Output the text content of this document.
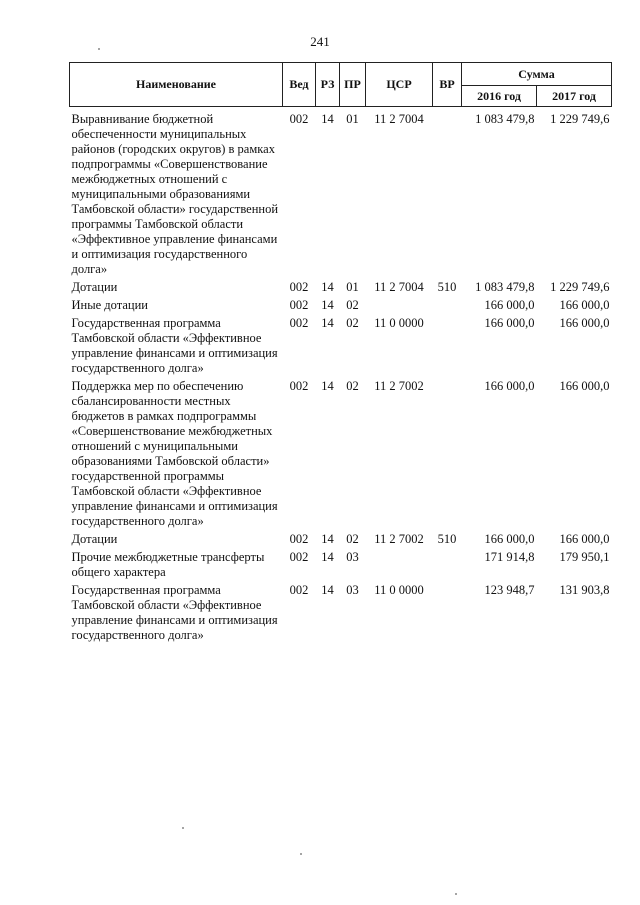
241
Наименование	Вед	РЗ	ПР	ЦСР	ВР	Сумма	
						2016 год	2017 год
Выравнивание бюджетной обеспеченности муниципальных районов (городских округов) в рамках подпрограммы «Совершенствование межбюджетных отношений с муниципальными образованиями Тамбовской области» государственной программы Тамбовской области «Эффективное управление финансами и оптимизация государственного долга»	002	14	01	11 2 7004		1 083 479,8	1 229 749,6
Дотации	002	14	01	11 2 7004	510	1 083 479,8	1 229 749,6
Иные дотации	002	14	02			166 000,0	166 000,0
Государственная программа Тамбовской области «Эффективное управление финансами и оптимизация государственного долга»	002	14	02	11 0 0000		166 000,0	166 000,0
Поддержка мер по обеспечению сбалансированности местных бюджетов в рамках подпрограммы «Совершенствование межбюджетных отношений с муниципальными образованиями Тамбовской области» государственной программы Тамбовской области «Эффективное управление финансами и оптимизация государственного долга»	002	14	02	11 2 7002		166 000,0	166 000,0
Дотации	002	14	02	11 2 7002	510	166 000,0	166 000,0
Прочие межбюджетные трансферты общего характера	002	14	03			171 914,8	179 950,1
Государственная программа Тамбовской области «Эффективное управление финансами и оптимизация государственного долга»	002	14	03	11 0 0000		123 948,7	131 903,8
